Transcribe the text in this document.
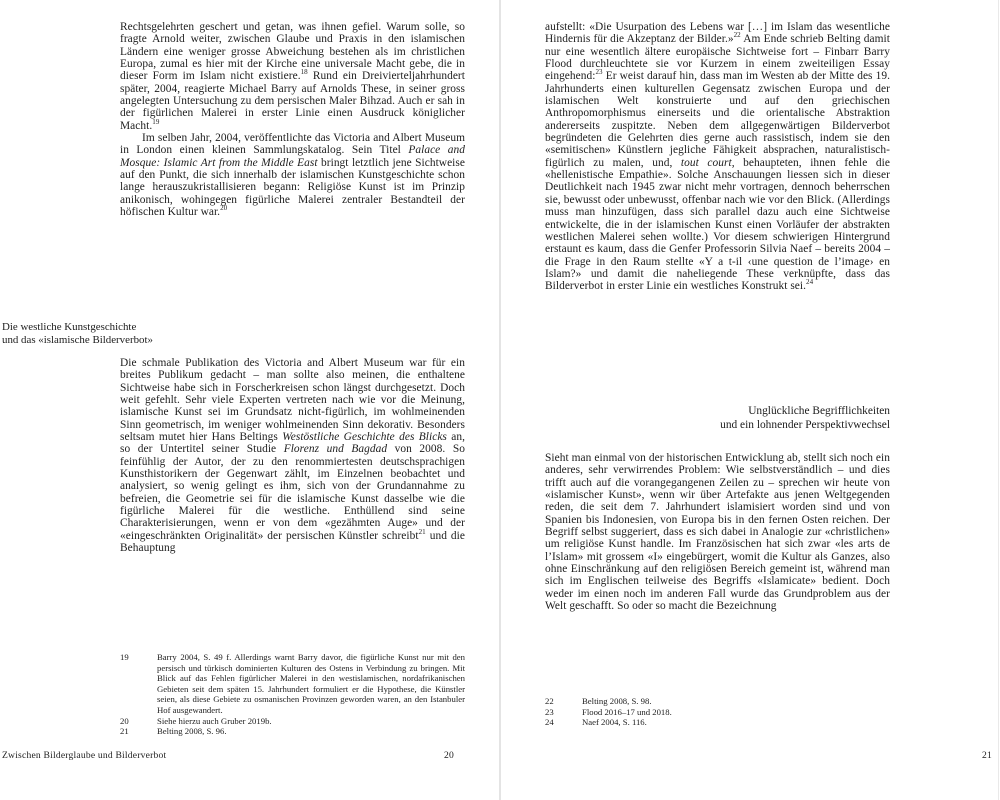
Rechtsgelehrten geschert und getan, was ihnen gefiel. Warum solle, so fragte Arnold weiter, zwischen Glaube und Praxis in den islamischen Ländern eine weniger grosse Abweichung bestehen als im christlichen Europa, zumal es hier mit der Kirche eine universale Macht gebe, die in dieser Form im Islam nicht existiere.$^{18}$ Rund ein Dreivierteljahrhundert später, 2004, reagierte Michael Barry auf Arnolds These, in seiner gross angelegten Untersuchung zu dem persischen Maler Bihzad. Auch er sah in der figürlichen Malerei in erster Linie einen Ausdruck königlicher Macht.$^{19}$

Im selben Jahr, 2004, veröffentlichte das Victoria and Albert Museum in London einen kleinen Sammlungskatalog. Sein Titel Palace and Mosque: Islamic Art from the Middle East bringt letztlich jene Sichtweise auf den Punkt, die sich innerhalb der islamischen Kunstgeschichte schon lange herauszukristallisieren begann: Religiöse Kunst ist im Prinzip anikonisch, wohingegen figürliche Malerei zentraler Bestandteil der höfischen Kultur war.$^{20}$

Die westliche Kunstgeschichte
und das «islamische Bilderverbot»

Die schmale Publikation des Victoria and Albert Museum war für ein breites Publikum gedacht – man sollte also meinen, die enthaltene Sichtweise habe sich in Forscherkreisen schon längst durchgesetzt. Doch weit gefehlt. Sehr viele Experten vertreten nach wie vor die Meinung, islamische Kunst sei im Grundsatz nicht-figürlich, im wohlmeinenden Sinn geometrisch, im weniger wohlmeinenden Sinn dekorativ. Besonders seltsam mutet hier Hans Beltings Westöstliche Geschichte des Blicks an, so der Untertitel seiner Studie Florenz und Bagdad von 2008. So feinfühlig der Autor, der zu den renommiertesten deutschsprachigen Kunsthistorikern der Gegenwart zählt, im Einzelnen beobachtet und analysiert, so wenig gelingt es ihm, sich von der Grundannahme zu befreien, die Geometrie sei für die islamische Kunst dasselbe wie die figürliche Malerei für die westliche. Enthüllend sind seine Charakterisierungen, wenn er von dem «gezähmten Auge» und der «eingeschränkten Originalität» der persischen Künstler schreibt$^{21}$ und die Behauptung

19	Barry 2004, S. 49 f. Allerdings warnt Barry davor, die figürliche Kunst nur mit den persisch und türkisch dominierten Kulturen des Ostens in Verbindung zu bringen. Mit Blick auf das Fehlen figürlicher Malerei in den westislamischen, nordafrikanischen Gebieten seit dem späten 15. Jahrhundert formuliert er die Hypothese, die Künstler seien, als diese Gebiete zu osmanischen Provinzen geworden waren, an den Istanbuler Hof ausgewandert.
20	Siehe hierzu auch Gruber 2019b.
21	Belting 2008, S. 96.
Zwischen Bilderglaube und Bilderverbot	20

aufstellt: «Die Usurpation des Lebens war […] im Islam das wesentliche Hindernis für die Akzeptanz der Bilder.»$^{22}$ Am Ende schrieb Belting damit nur eine wesentlich ältere europäische Sichtweise fort – Finbarr Barry Flood durchleuchtete sie vor Kurzem in einem zweiteiligen Essay eingehend:$^{23}$ Er weist darauf hin, dass man im Westen ab der Mitte des 19. Jahrhunderts einen kulturellen Gegensatz zwischen Europa und der islamischen Welt konstruierte und auf den griechischen Anthropomorphismus einerseits und die orientalische Abstraktion andererseits zuspitzte. Neben dem allgegenwärtigen Bilderverbot begründeten die Gelehrten dies gerne auch rassistisch, indem sie den «semitischen» Künstlern jegliche Fähigkeit absprachen, naturalistisch-figürlich zu malen, und, tout court, behaupteten, ihnen fehle die «hellenistische Empathie». Solche Anschauungen liessen sich in dieser Deutlichkeit nach 1945 zwar nicht mehr vortragen, dennoch beherrschen sie, bewusst oder unbewusst, offenbar nach wie vor den Blick. (Allerdings muss man hinzufügen, dass sich parallel dazu auch eine Sichtweise entwickelte, die in der islamischen Kunst einen Vorläufer der abstrakten westlichen Malerei sehen wollte.) Vor diesem schwierigen Hintergrund erstaunt es kaum, dass die Genfer Professorin Silvia Naef – bereits 2004 – die Frage in den Raum stellte «Y a t-il ‹une question de l’image› en Islam?» und damit die naheliegende These verknüpfte, dass das Bilderverbot in erster Linie ein westliches Konstrukt sei.$^{24}$

Unglückliche Begrifflichkeiten
und ein lohnender Perspektivwechsel

Sieht man einmal von der historischen Entwicklung ab, stellt sich noch ein anderes, sehr verwirrendes Problem: Wie selbstverständlich – und dies trifft auch auf die vorangegangenen Zeilen zu – sprechen wir heute von «islamischer Kunst», wenn wir über Artefakte aus jenen Weltgegenden reden, die seit dem 7. Jahrhundert islamisiert worden sind und von Spanien bis Indonesien, von Europa bis in den fernen Osten reichen. Der Begriff selbst suggeriert, dass es sich dabei in Analogie zur «christlichen» um religiöse Kunst handle. Im Französischen hat sich zwar «les arts de l’Islam» mit grossem «I» eingebürgert, womit die Kultur als Ganzes, also ohne Einschränkung auf den religiösen Bereich gemeint ist, während man sich im Englischen teilweise des Begriffs «Islamicate» bedient. Doch weder im einen noch im anderen Fall wurde das Grundproblem aus der Welt geschafft. So oder so macht die Bezeichnung

22	Belting 2008, S. 98.
23	Flood 2016–17 und 2018.
24	Naef 2004, S. 116.
21
